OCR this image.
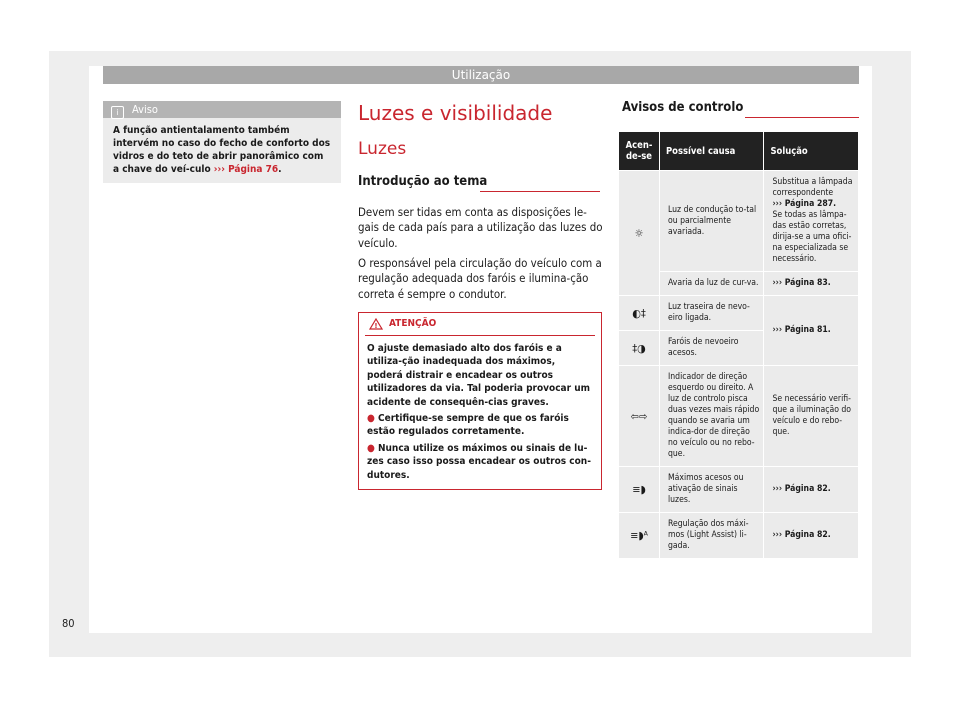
Utilização
i Aviso
A função antientalamento também intervém no caso do fecho de conforto dos vidros e do teto de abrir panorâmico com a chave do veí-culo ››› Página 76.
Luzes e visibilidade
Luzes
Introdução ao tema
Devem ser tidas em conta as disposições le-gais de cada país para a utilização das luzes do veículo.
O responsável pela circulação do veículo com a regulação adequada dos faróis e ilumina-ção correta é sempre o condutor.
! ATENÇÃO
O ajuste demasiado alto dos faróis e a utiliza-ção inadequada dos máximos, poderá distrair e encadear os outros utilizadores da via. Tal poderia provocar um acidente de consequên-cias graves.
● Certifique-se sempre de que os faróis estão regulados corretamente.
● Nunca utilize os máximos ou sinais de lu-zes caso isso possa encadear os outros con-dutores.
Avisos de controlo
Acen-de-se	Possível causa	Solução
☼	Luz de condução to-tal ou parcialmente avariada.	Substitua a lâmpada correspondente
››› Página 287.
Se todas as lâmpa-das estão corretas, dirija-se a uma ofici-na especializada se necessário.
	Avaria da luz de cur-va.	››› Página 83.
◐‡	Luz traseira de nevo-eiro ligada.	››› Página 81.
‡◑	Faróis de nevoeiro acesos.	
⇦⇨	Indicador de direção esquerdo ou direito. A luz de controlo pisca duas vezes mais rápido quando se avaria um indica-dor de direção no veículo ou no rebo-que.	Se necessário verifi-que a iluminação do veículo e do rebo-que.
≡◗	Máximos acesos ou ativação de sinais luzes.	››› Página 82.
≡◗ᴬ	Regulação dos máxi-mos (Light Assist) li-gada.	››› Página 82.
80
